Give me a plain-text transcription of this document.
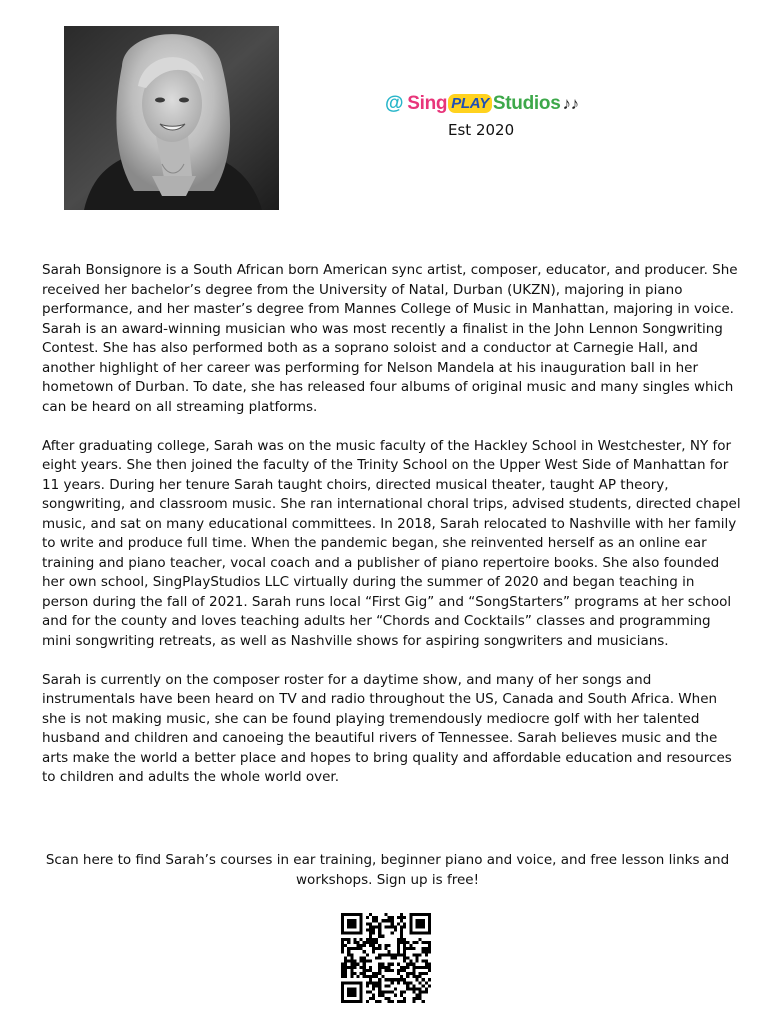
@ Sing PLAY Studios ♪♪
Est 2020

Sarah Bonsignore is a South African born American sync artist, composer, educator, and producer. She received her bachelor’s degree from the University of Natal, Durban (UKZN), majoring in piano performance, and her master’s degree from Mannes College of Music in Manhattan, majoring in voice. Sarah is an award-winning musician who was most recently a finalist in the John Lennon Songwriting Contest. She has also performed both as a soprano soloist and a conductor at Carnegie Hall, and another highlight of her career was performing for Nelson Mandela at his inauguration ball in her hometown of Durban. To date, she has released four albums of original music and many singles which can be heard on all streaming platforms.

After graduating college, Sarah was on the music faculty of the Hackley School in Westchester, NY for eight years. She then joined the faculty of the Trinity School on the Upper West Side of Manhattan for 11 years. During her tenure Sarah taught choirs, directed musical theater, taught AP theory, songwriting, and classroom music. She ran international choral trips, advised students, directed chapel music, and sat on many educational committees. In 2018, Sarah relocated to Nashville with her family to write and produce full time. When the pandemic began, she reinvented herself as an online ear training and piano teacher, vocal coach and a publisher of piano repertoire books. She also founded her own school, SingPlayStudios LLC virtually during the summer of 2020 and began teaching in person during the fall of 2021. Sarah runs local “First Gig” and “SongStarters” programs at her school and for the county and loves teaching adults her “Chords and Cocktails” classes and programming mini songwriting retreats, as well as Nashville shows for aspiring songwriters and musicians.

Sarah is currently on the composer roster for a daytime show, and many of her songs and instrumentals have been heard on TV and radio throughout the US, Canada and South Africa. When she is not making music, she can be found playing tremendously mediocre golf with her talented husband and children and canoeing the beautiful rivers of Tennessee. Sarah believes music and the arts make the world a better place and hopes to bring quality and affordable education and resources to children and adults the whole world over.

Scan here to find Sarah’s courses in ear training, beginner piano and voice, and free lesson links and workshops. Sign up is free!
